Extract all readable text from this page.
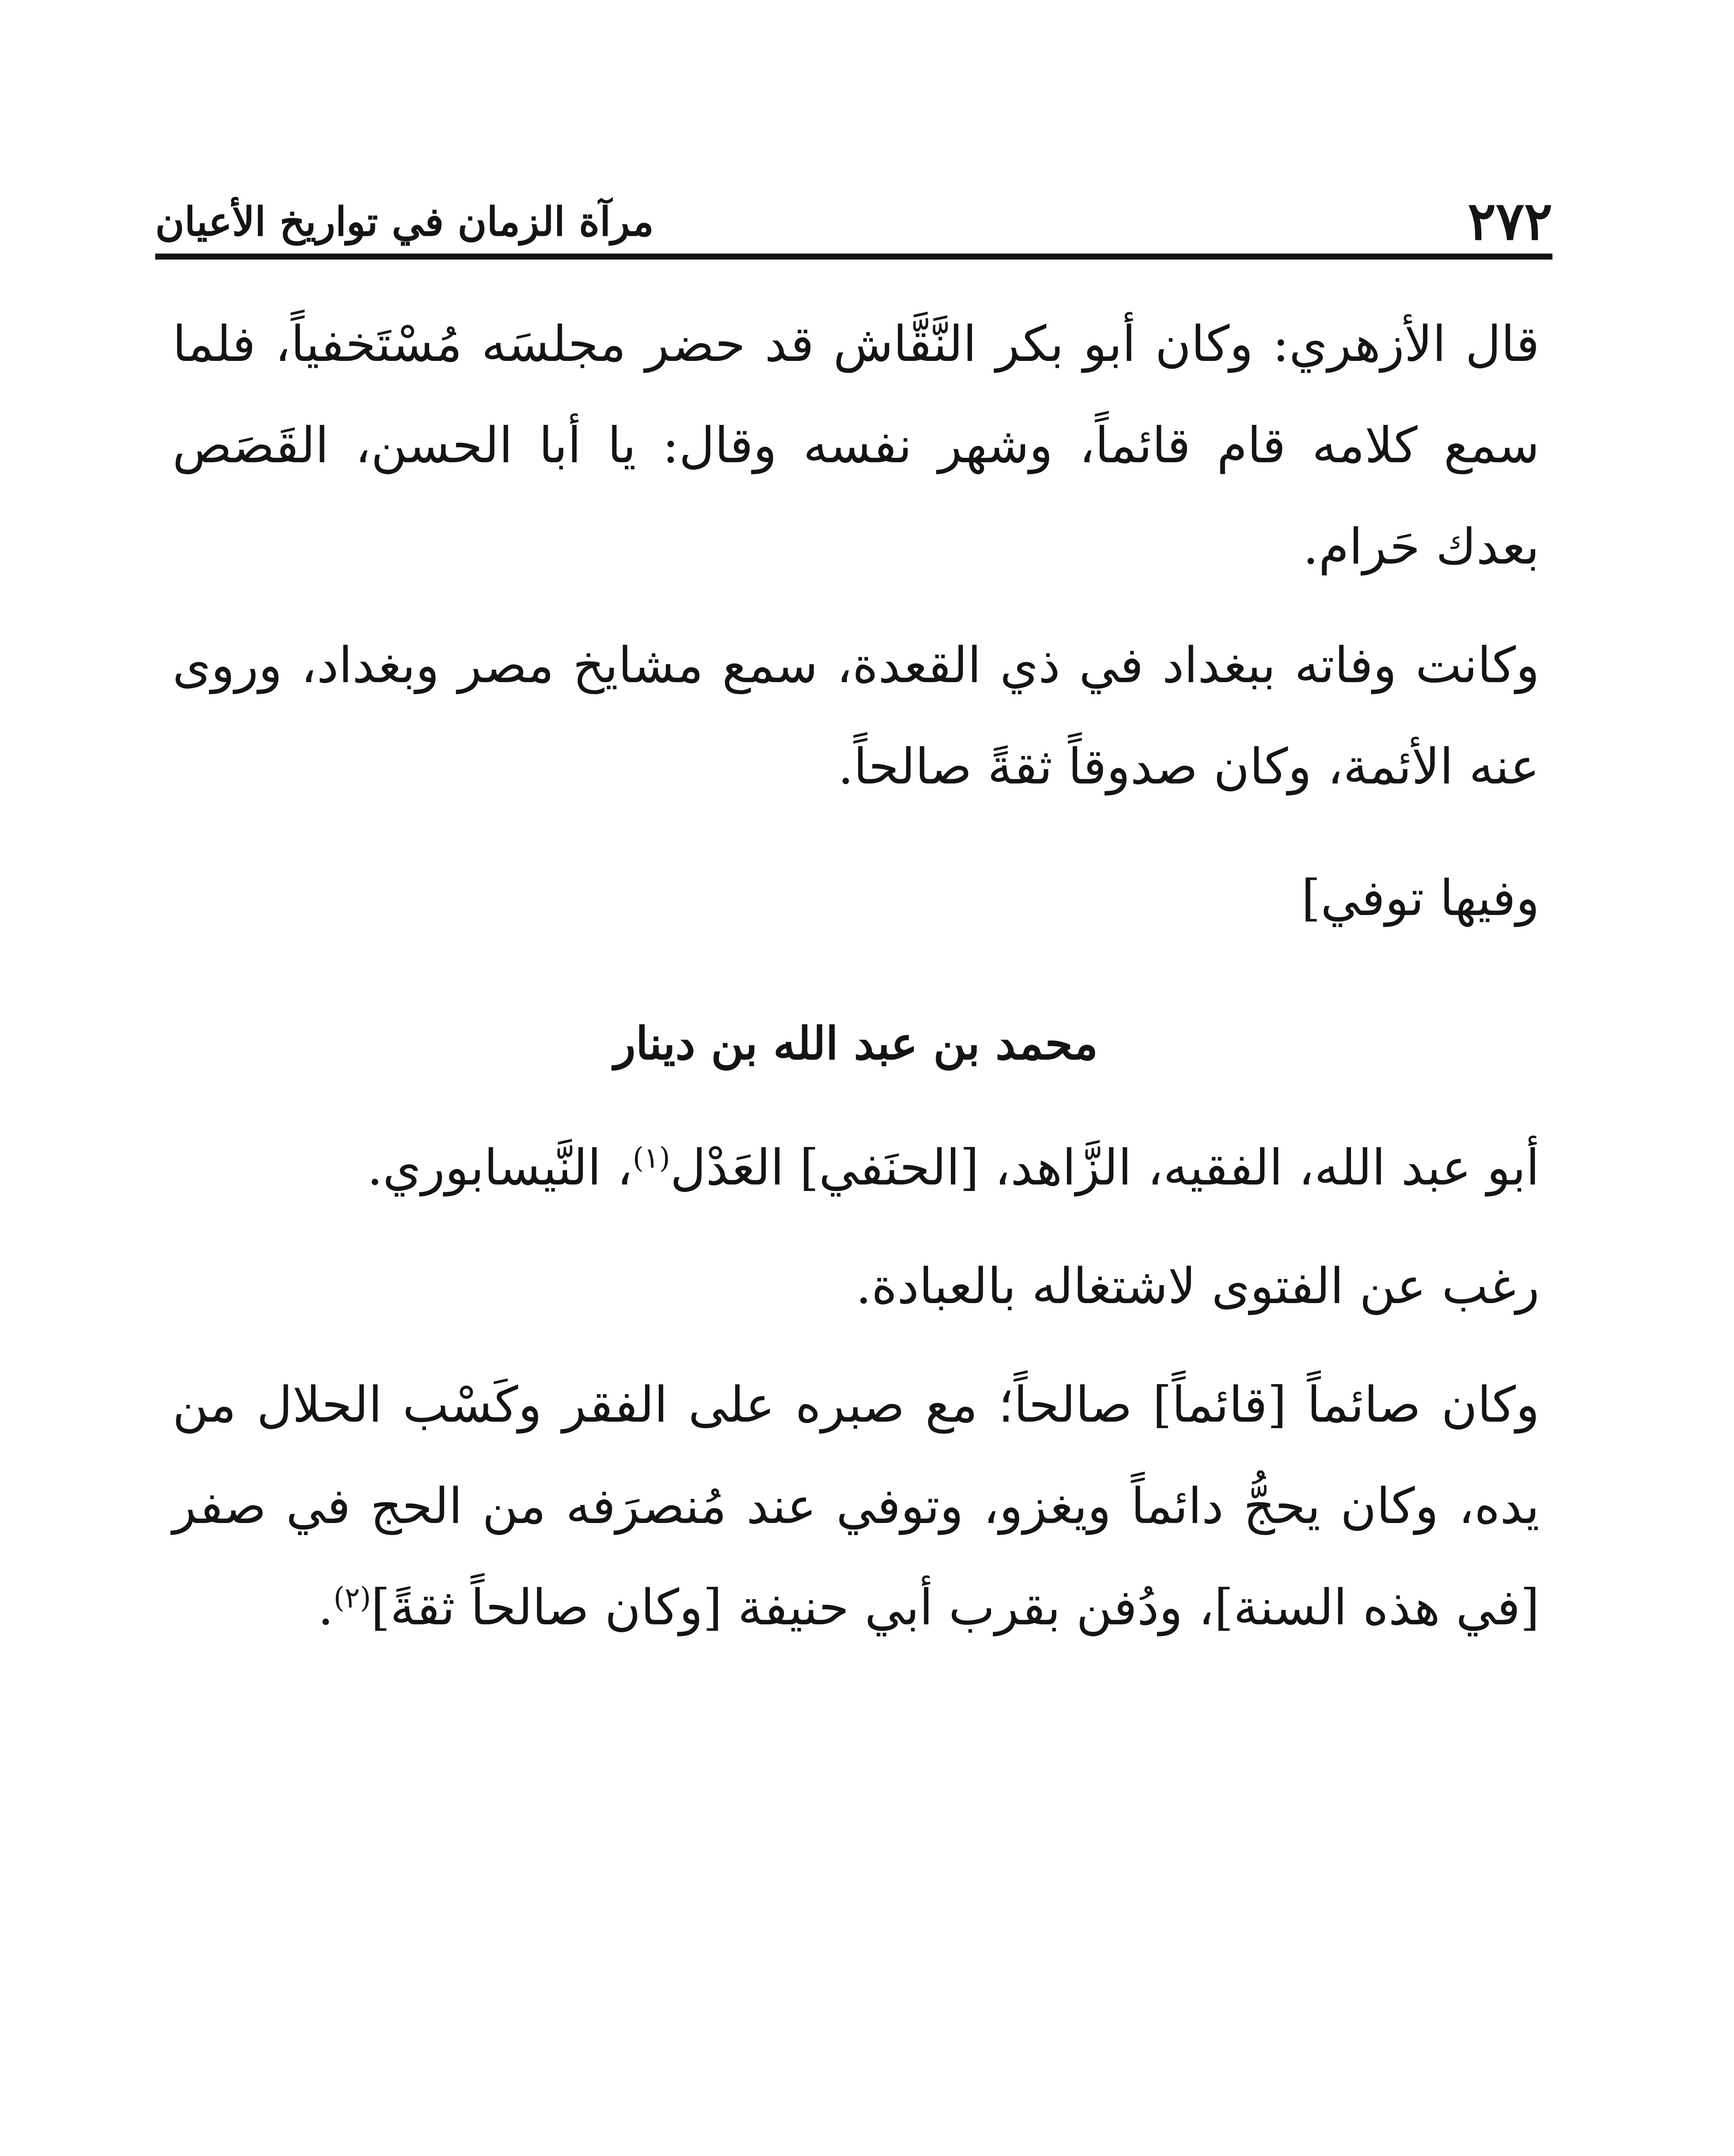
٢٧٢
مرآة الزمان في تواريخ الأعيان

قال الأزهري: وكان أبو بكر النَّقَّاش قد حضر مجلسَه مُسْتَخفياً، فلما سمع كلامه قام قائماً، وشهر نفسه وقال: يا أبا الحسن، القَصَص بعدك حَرام.

وكانت وفاته ببغداد في ذي القعدة، سمع مشايخ مصر وبغداد، وروى عنه الأئمة، وكان صدوقاً ثقةً صالحاً.

وفيها توفي]

محمد بن عبد الله بن دينار

أبو عبد الله، الفقيه، الزَّاهد، [الحنَفي] العَدْل$^{(١)}$، النَّيسابوري.

رغب عن الفتوى لاشتغاله بالعبادة.

وكان صائماً [قائماً] صالحاً؛ مع صبره على الفقر وكَسْب الحلال من يده، وكان يحجُّ دائماً ويغزو، وتوفي عند مُنصرَفه من الحج في صفر [في هذه السنة]، ودُفن بقرب أبي حنيفة [وكان صالحاً ثقةً]$^{(٢)}$.
